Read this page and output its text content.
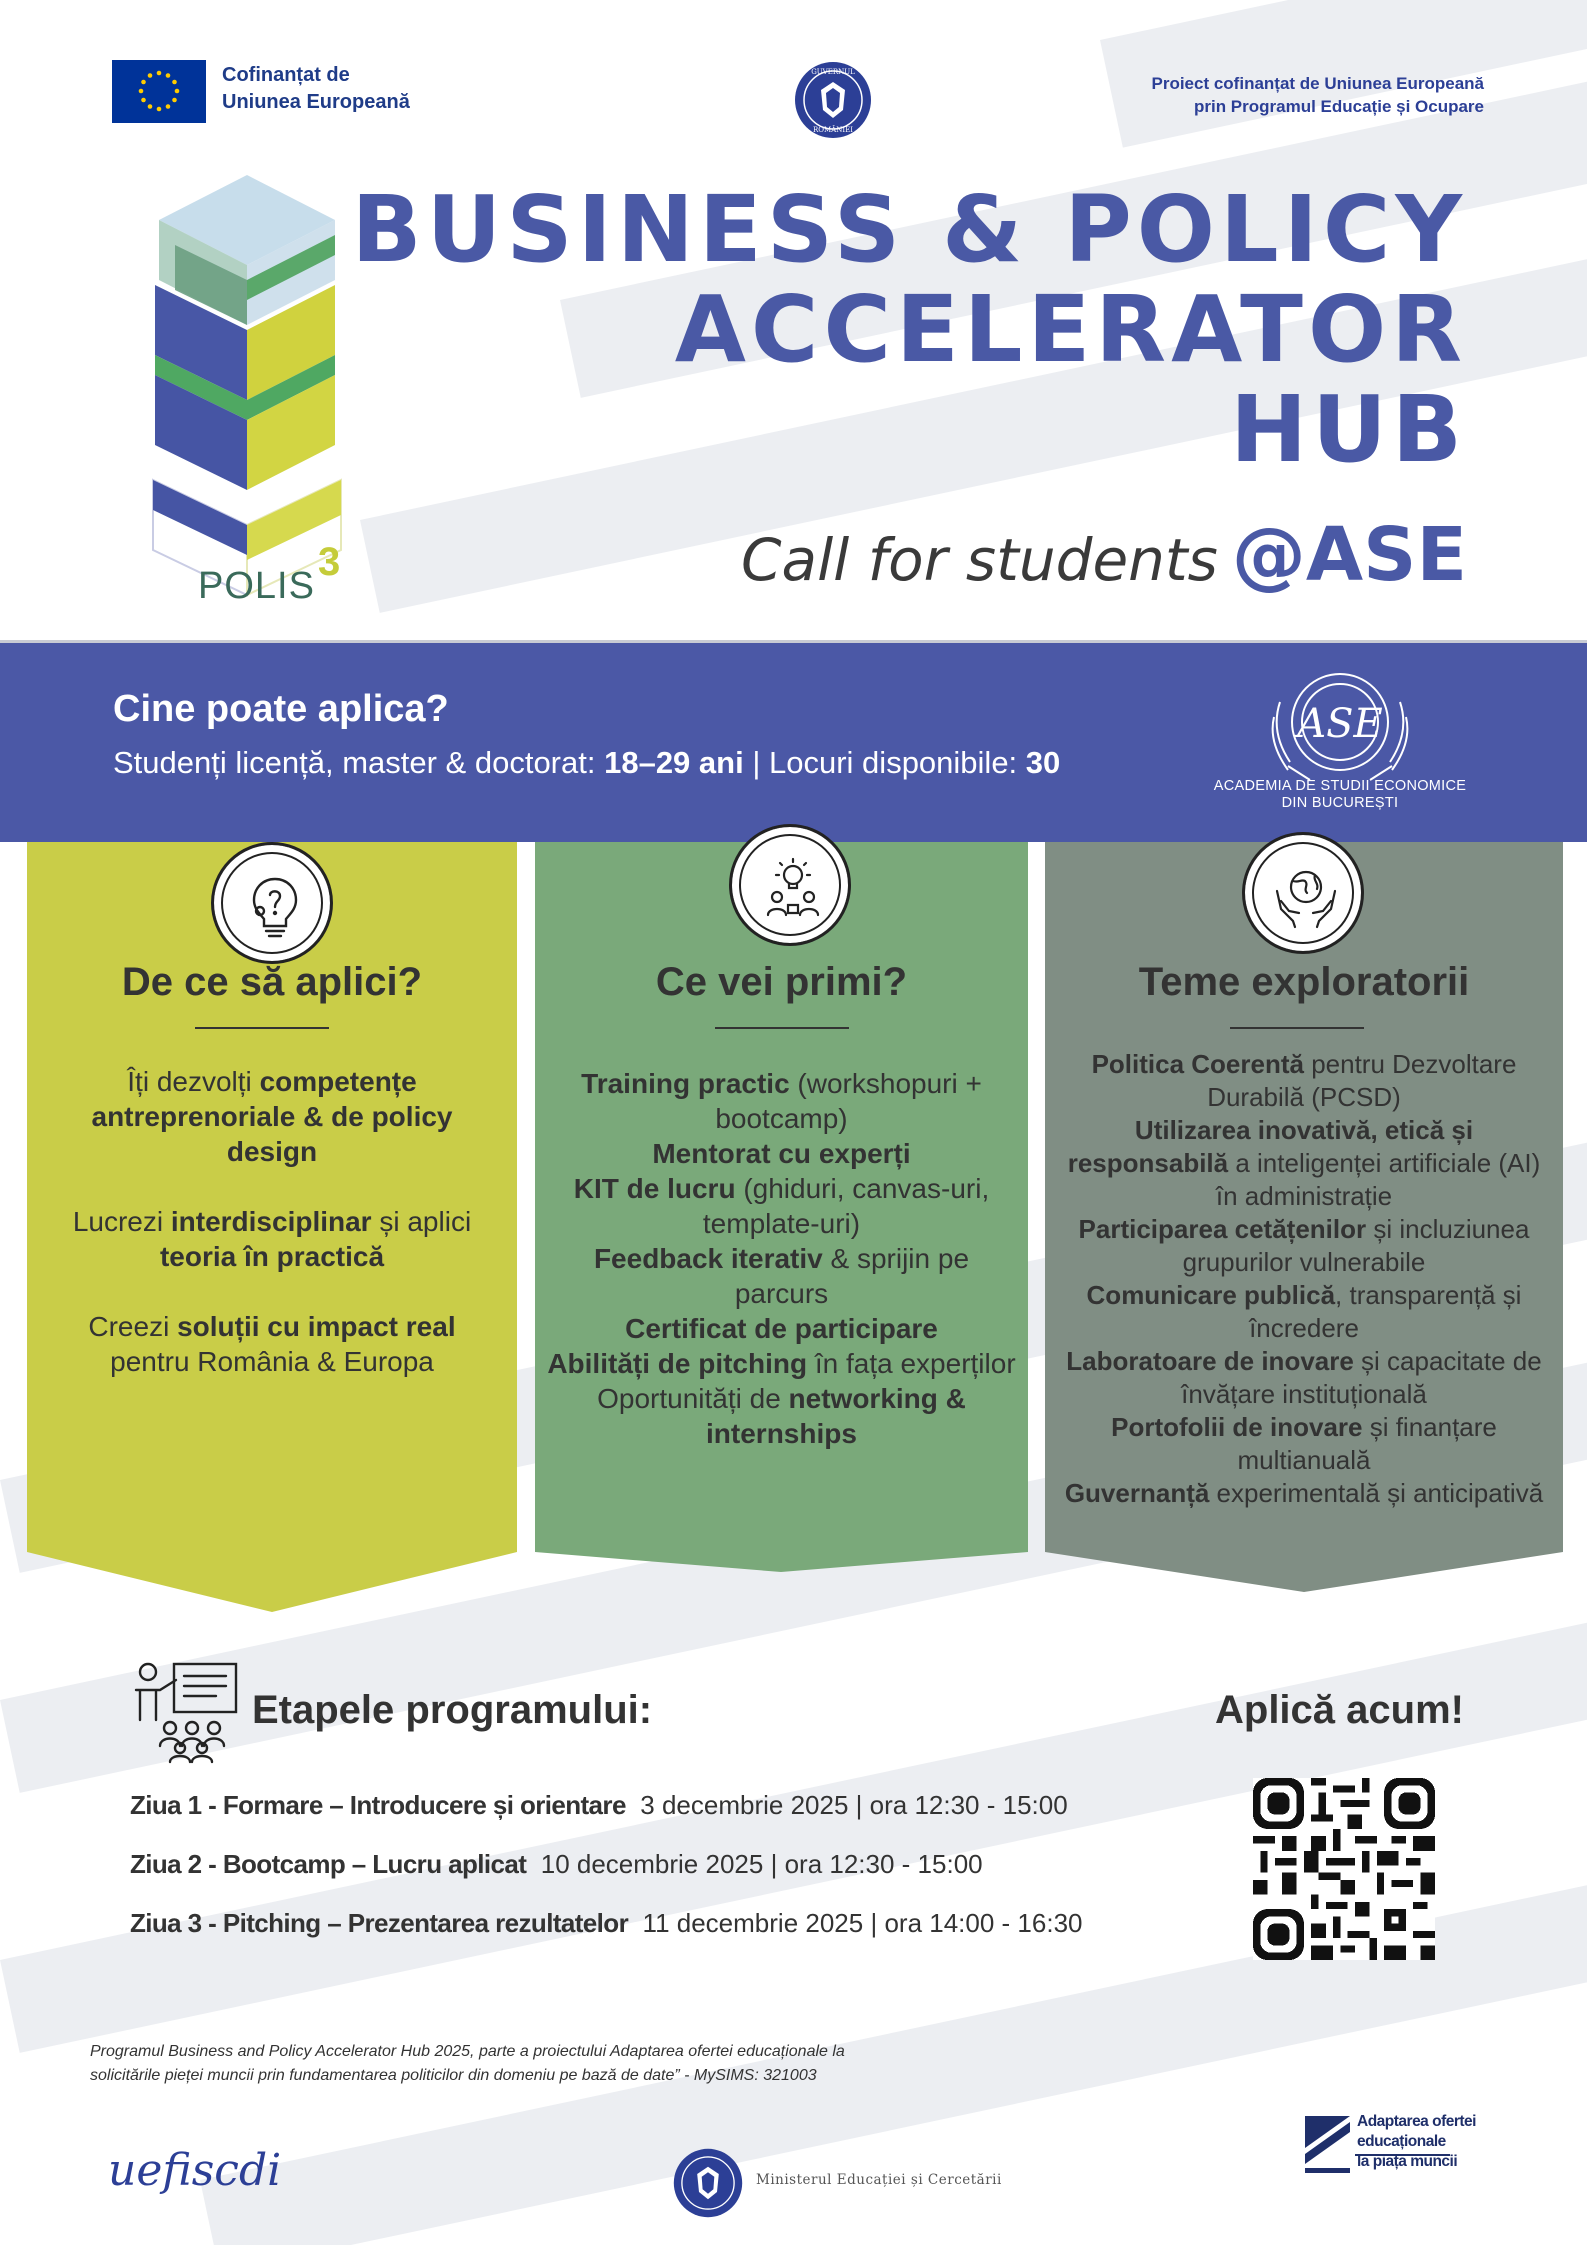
Cofinanțat de
Uniunea Europeană
GUVERNUL
ROMÂNIEI
Proiect cofinanțat de Uniunea Europeană
prin Programul Educație și Ocupare
POLIS
3
BUSINESS & POLICY
ACCELERATOR
HUB
Call for students @ASE
Cine poate aplica?
Studenți licență, master & doctorat:
18–29 ani
|
Locuri disponibile:
30
ASE
ACADEMIA DE STUDII ECONOMICE
DIN BUCUREȘTI
De ce să aplici?

Îți dezvolți competențe antreprenoriale & de policy design

Lucrezi interdisciplinar și aplici teoria în practică

Creezi soluții cu impact real pentru România & Europa

Ce vei primi?
Training practic (workshopuri + bootcamp)
Mentorat cu experți
KIT de lucru (ghiduri, canvas-uri, template-uri)
Feedback iterativ & sprijin pe parcurs
Certificat de participare
Abilități de pitching în fața experților
Oportunități de networking & internships
Teme exploratorii
Politica Coerentă pentru Dezvoltare Durabilă (PCSD)
Utilizarea inovativă, etică și responsabilă a inteligenței artificiale (AI) în administrație
Participarea cetățenilor și incluziunea grupurilor vulnerabile
Comunicare publică, transparență și încredere
Laboratoare de inovare și capacitate de învățare instituțională
Portofolii de inovare și finanțare multianuală
Guvernanță experimentală și anticipativă
Etapele programului:
Ziua 1 - Formare – Introducere și orientare 3 decembrie 2025 | ora 12:30 - 15:00
Ziua 2 - Bootcamp – Lucru aplicat 10 decembrie 2025 | ora 12:30 - 15:00
Ziua 3 - Pitching – Prezentarea rezultatelor 11 decembrie 2025 | ora 14:00 - 16:30
Aplică acum!
Programul Business and Policy Accelerator Hub 2025, parte a proiectului Adaptarea ofertei educaționale la
solicitările pieței muncii prin fundamentarea politicilor din domeniu pe bază de date” - MySIMS: 321003
uefiscdi	Ministerul Educației și Cercetării
Adaptarea ofertei
educaționale
la piața muncii
